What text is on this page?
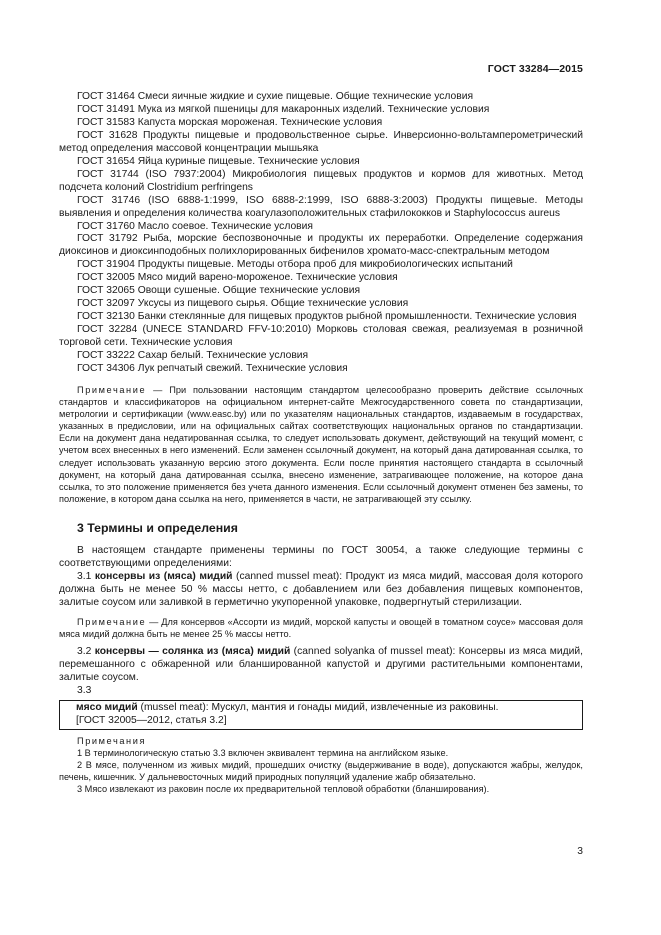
ГОСТ 33284—2015

ГОСТ 31464 Смеси яичные жидкие и сухие пищевые. Общие технические условия

ГОСТ 31491 Мука из мягкой пшеницы для макаронных изделий. Технические условия

ГОСТ 31583 Капуста морская мороженая. Технические условия

ГОСТ 31628 Продукты пищевые и продовольственное сырье. Инверсионно-вольтамперометрический метод определения массовой концентрации мышьяка

ГОСТ 31654 Яйца куриные пищевые. Технические условия

ГОСТ 31744 (ISO 7937:2004) Микробиология пищевых продуктов и кормов для животных. Метод подсчета колоний Clostridium perfringens

ГОСТ 31746 (ISO 6888-1:1999, ISO 6888-2:1999, ISO 6888-3:2003) Продукты пищевые. Методы выявления и определения количества коагулазоположительных стафилококков и Staphylococcus aureus

ГОСТ 31760 Масло соевое. Технические условия

ГОСТ 31792 Рыба, морские беспозвоночные и продукты их переработки. Определение содержания диоксинов и диоксинподобных полихлорированных бифенилов хромато-масс-спектральным методом

ГОСТ 31904 Продукты пищевые. Методы отбора проб для микробиологических испытаний

ГОСТ 32005 Мясо мидий варено-мороженое. Технические условия

ГОСТ 32065 Овощи сушеные. Общие технические условия

ГОСТ 32097 Уксусы из пищевого сырья. Общие технические условия

ГОСТ 32130 Банки стеклянные для пищевых продуктов рыбной промышленности. Технические условия

ГОСТ 32284 (UNECE STANDARD FFV-10:2010) Морковь столовая свежая, реализуемая в розничной торговой сети. Технические условия

ГОСТ 33222 Сахар белый. Технические условия

ГОСТ 34306 Лук репчатый свежий. Технические условия

Примечание — При пользовании настоящим стандартом целесообразно проверить действие ссылочных стандартов и классификаторов на официальном интернет-сайте Межгосударственного совета по стандартизации, метрологии и сертификации (www.easc.by) или по указателям национальных стандартов, издаваемым в государствах, указанных в предисловии, или на официальных сайтах соответствующих национальных органов по стандартизации. Если на документ дана недатированная ссылка, то следует использовать документ, действующий на текущий момент, с учетом всех внесенных в него изменений. Если заменен ссылочный документ, на который дана датированная ссылка, то следует использовать указанную версию этого документа. Если после принятия настоящего стандарта в ссылочный документ, на который дана датированная ссылка, внесено изменение, затрагивающее положение, на которое дана ссылка, то это положение применяется без учета данного изменения. Если ссылочный документ отменен без замены, то положение, в котором дана ссылка на него, применяется в части, не затрагивающей эту ссылку.
3 Термины и определения

В настоящем стандарте применены термины по ГОСТ 30054, а также следующие термины с соответствующими определениями:

3.1 консервы из (мяса) мидий (canned mussel meat): Продукт из мяса мидий, массовая доля которого должна быть не менее 50 % массы нетто, с добавлением или без добавления пищевых компонентов, залитые соусом или заливкой в герметично укупоренной упаковке, подвергнутый стерилизации.

Примечание — Для консервов «Ассорти из мидий, морской капусты и овощей в томатном соусе» массовая доля мяса мидий должна быть не менее 25 % массы нетто.

3.2 консервы — солянка из (мяса) мидий (canned solyanka of mussel meat): Консервы из мяса мидий, перемешанного с обжаренной или бланшированной капустой и другими растительными компонентами, залитые соусом.

3.3

мясо мидий (mussel meat): Мускул, мантия и гонады мидий, извлеченные из раковины.

[ГОСТ 32005—2012, статья 3.2]

Примечания

1 В терминологическую статью 3.3 включен эквивалент термина на английском языке.

2 В мясе, полученном из живых мидий, прошедших очистку (выдерживание в воде), допускаются жабры, желудок, печень, кишечник. У дальневосточных мидий природных популяций удаление жабр обязательно.

3 Мясо извлекают из раковин после их предварительной тепловой обработки (бланширования).

3
